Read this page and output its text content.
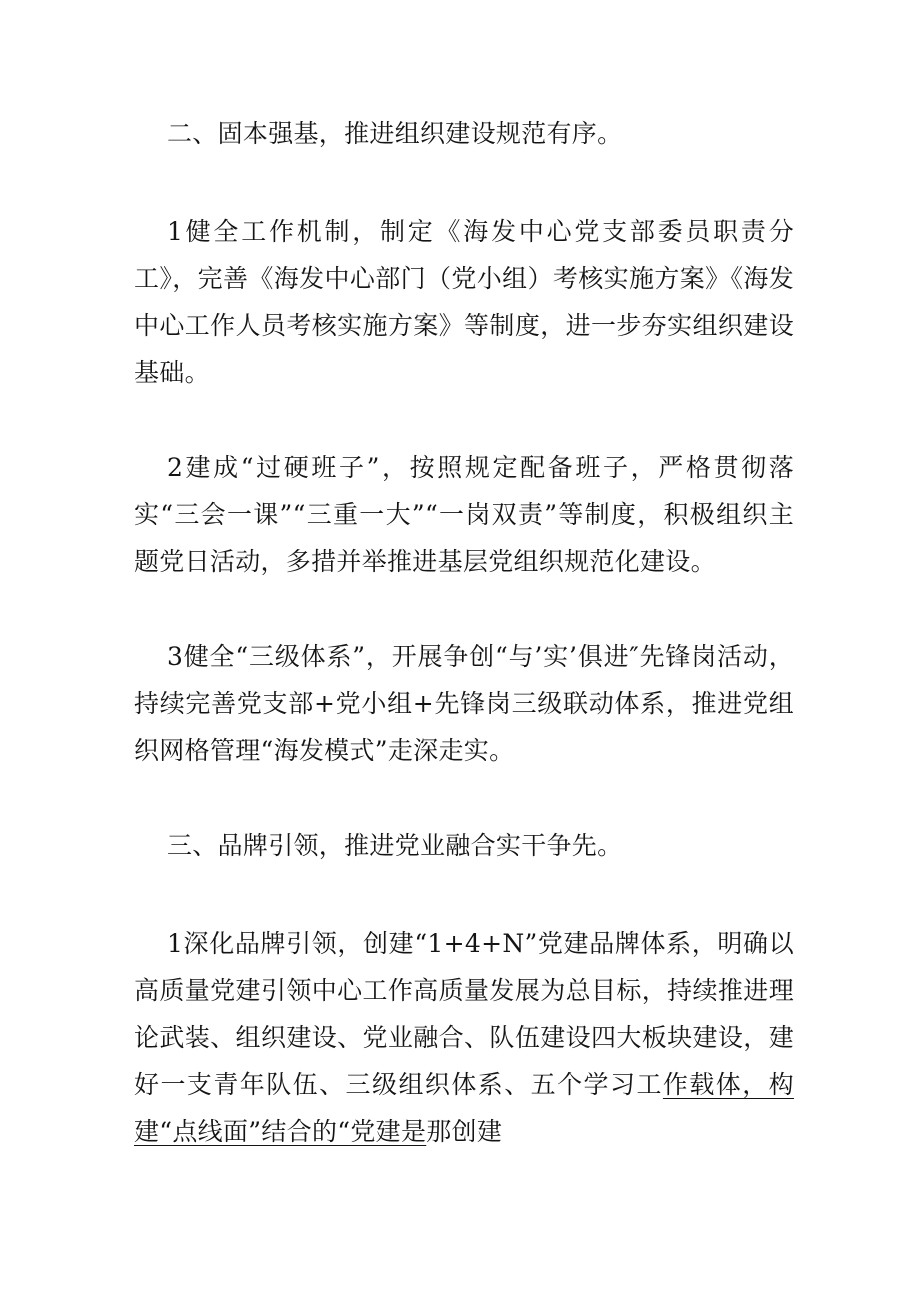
二、固本强基，推进组织建设规范有序。

1健全工作机制，制定《海发中心党支部委员职责分工》，完善《海发中心部门（党小组）考核实施方案》《海发中心工作人员考核实施方案》等制度，进一步夯实组织建设基础。

2建成“过硬班子”，按照规定配备班子，严格贯彻落实“三会一课”“三重一大”“一岗双责”等制度，积极组织主题党日活动，多措并举推进基层党组织规范化建设。

3健全“三级体系”，开展争创“与’实’俱进″先锋岗活动，持续完善党支部+党小组+先锋岗三级联动体系，推进党组织网格管理“海发模式”走深走实。

三、品牌引领，推进党业融合实干争先。

1深化品牌引领，创建“1+4+N”党建品牌体系，明确以高质量党建引领中心工作高质量发展为总目标，持续推进理论武装、组织建设、党业融合、队伍建设四大板块建设，建好一支青年队伍、三级组织体系、五个学习工作载体，构建“点线面”结合的“党建是那创建
